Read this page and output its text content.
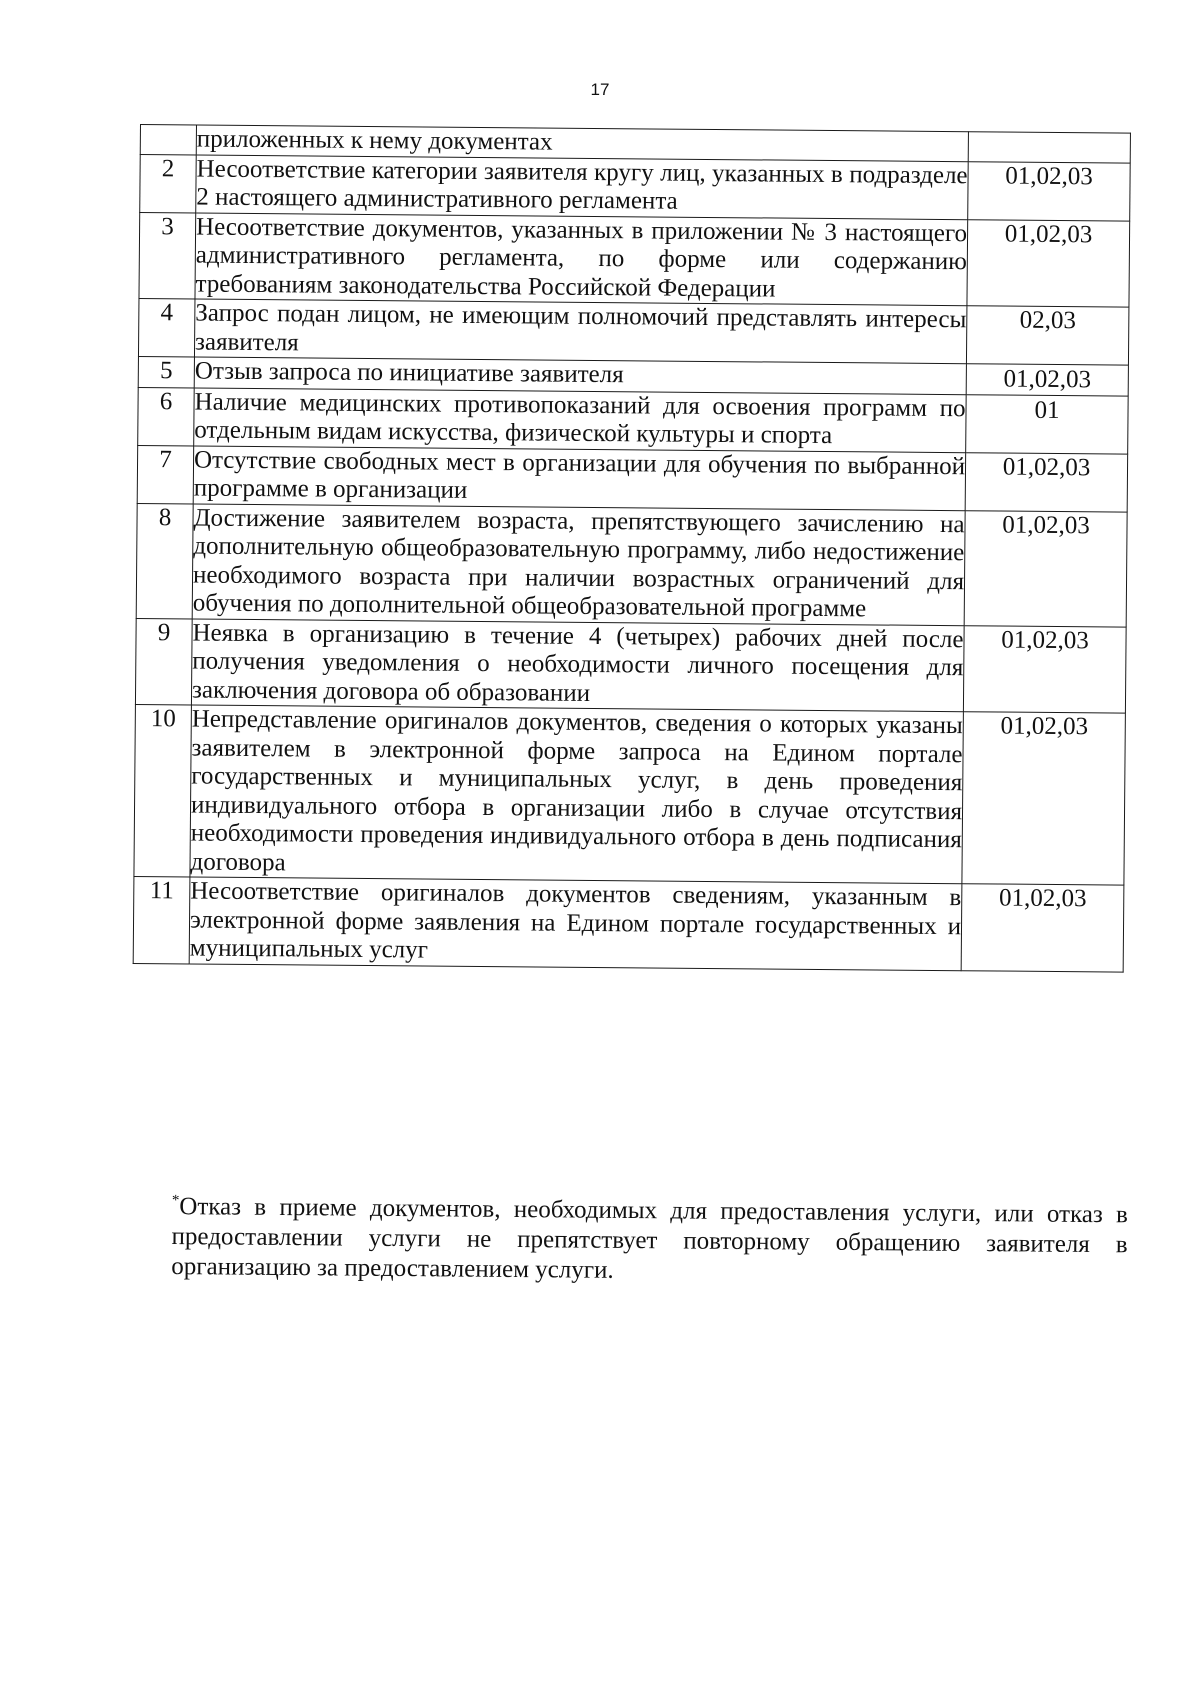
17
	приложенных к нему документах	
2	Несоответствие категории заявителя кругу лиц, указанных в подразделе 2 настоящего административного регламента	01,02,03
3	Несоответствие документов, указанных в приложении № 3 настоящего административного регламента, по форме или содержанию требованиям законодательства Российской Федерации	01,02,03
4	Запрос подан лицом, не имеющим полномочий представлять интересы заявителя	02,03
5	Отзыв запроса по инициативе заявителя	01,02,03
6	Наличие медицинских противопоказаний для освоения программ по отдельным видам искусства, физической культуры и спорта	01
7	Отсутствие свободных мест в организации для обучения по выбранной программе в организации	01,02,03
8	Достижение заявителем возраста, препятствующего зачислению на дополнительную общеобразовательную программу, либо недостижение необходимого возраста при наличии возрастных ограничений для обучения по дополнительной общеобразовательной программе	01,02,03
9	Неявка в организацию в течение 4 (четырех) рабочих дней после получения уведомления о необходимости личного посещения для заключения договора об образовании	01,02,03
10	Непредставление оригиналов документов, сведения о которых указаны заявителем в электронной форме запроса на Едином портале государственных и муниципальных услуг, в день проведения индивидуального отбора в организации либо в случае отсутствия необходимости проведения индивидуального отбора в день подписания договора	01,02,03
11	Несоответствие оригиналов документов сведениям, указанным в электронной форме заявления на Едином портале государственных и муниципальных услуг	01,02,03
*Отказ в приеме документов, необходимых для предоставления услуги, или отказ в предоставлении услуги не препятствует повторному обращению заявителя в организацию за предоставлением услуги.
